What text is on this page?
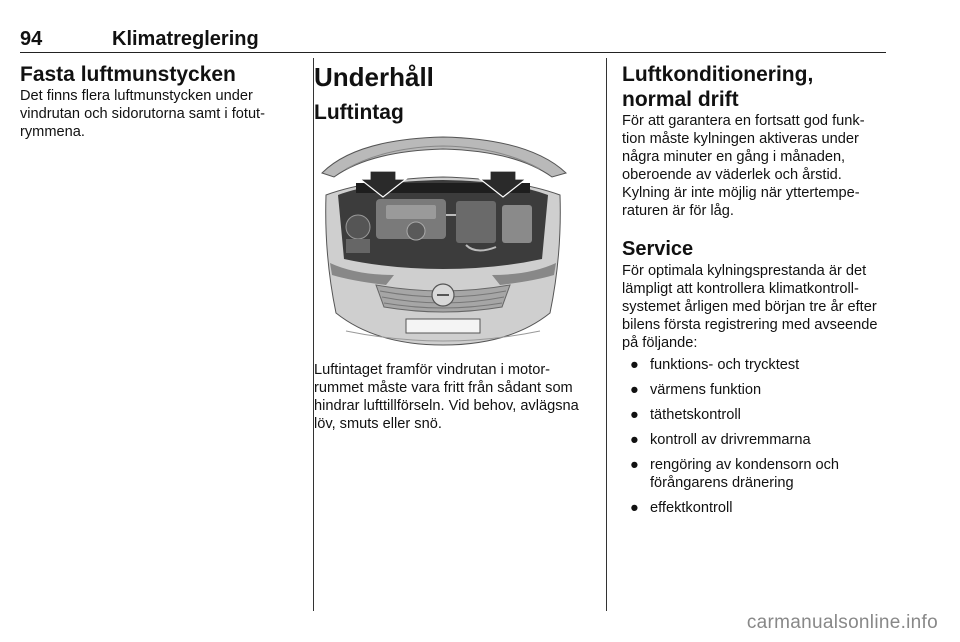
94	Klimatreglering
Fasta luftmunstycken

Det finns flera luftmunstycken under vindrutan och sidorutorna samt i fotut-rymmena.

Underhåll
Luftintag

Luftintaget framför vindrutan i motor-rummet måste vara fritt från sådant som hindrar lufttillförseln. Vid behov, avlägsna löv, smuts eller snö.

Luftkonditionering, normal drift

För att garantera en fortsatt god funk-tion måste kylningen aktiveras under några minuter en gång i månaden, oberoende av väderlek och årstid. Kylning är inte möjlig när yttertempe-raturen är för låg.

Service

För optimala kylningsprestanda är det lämpligt att kontrollera klimatkontroll-systemet årligen med början tre år efter bilens första registrering med avseende på följande:

● funktions- och trycktest
● värmens funktion
● täthetskontroll
● kontroll av drivremmarna
● rengöring av kondensorn och förångarens dränering
● effektkontroll
carmanualsonline.info
